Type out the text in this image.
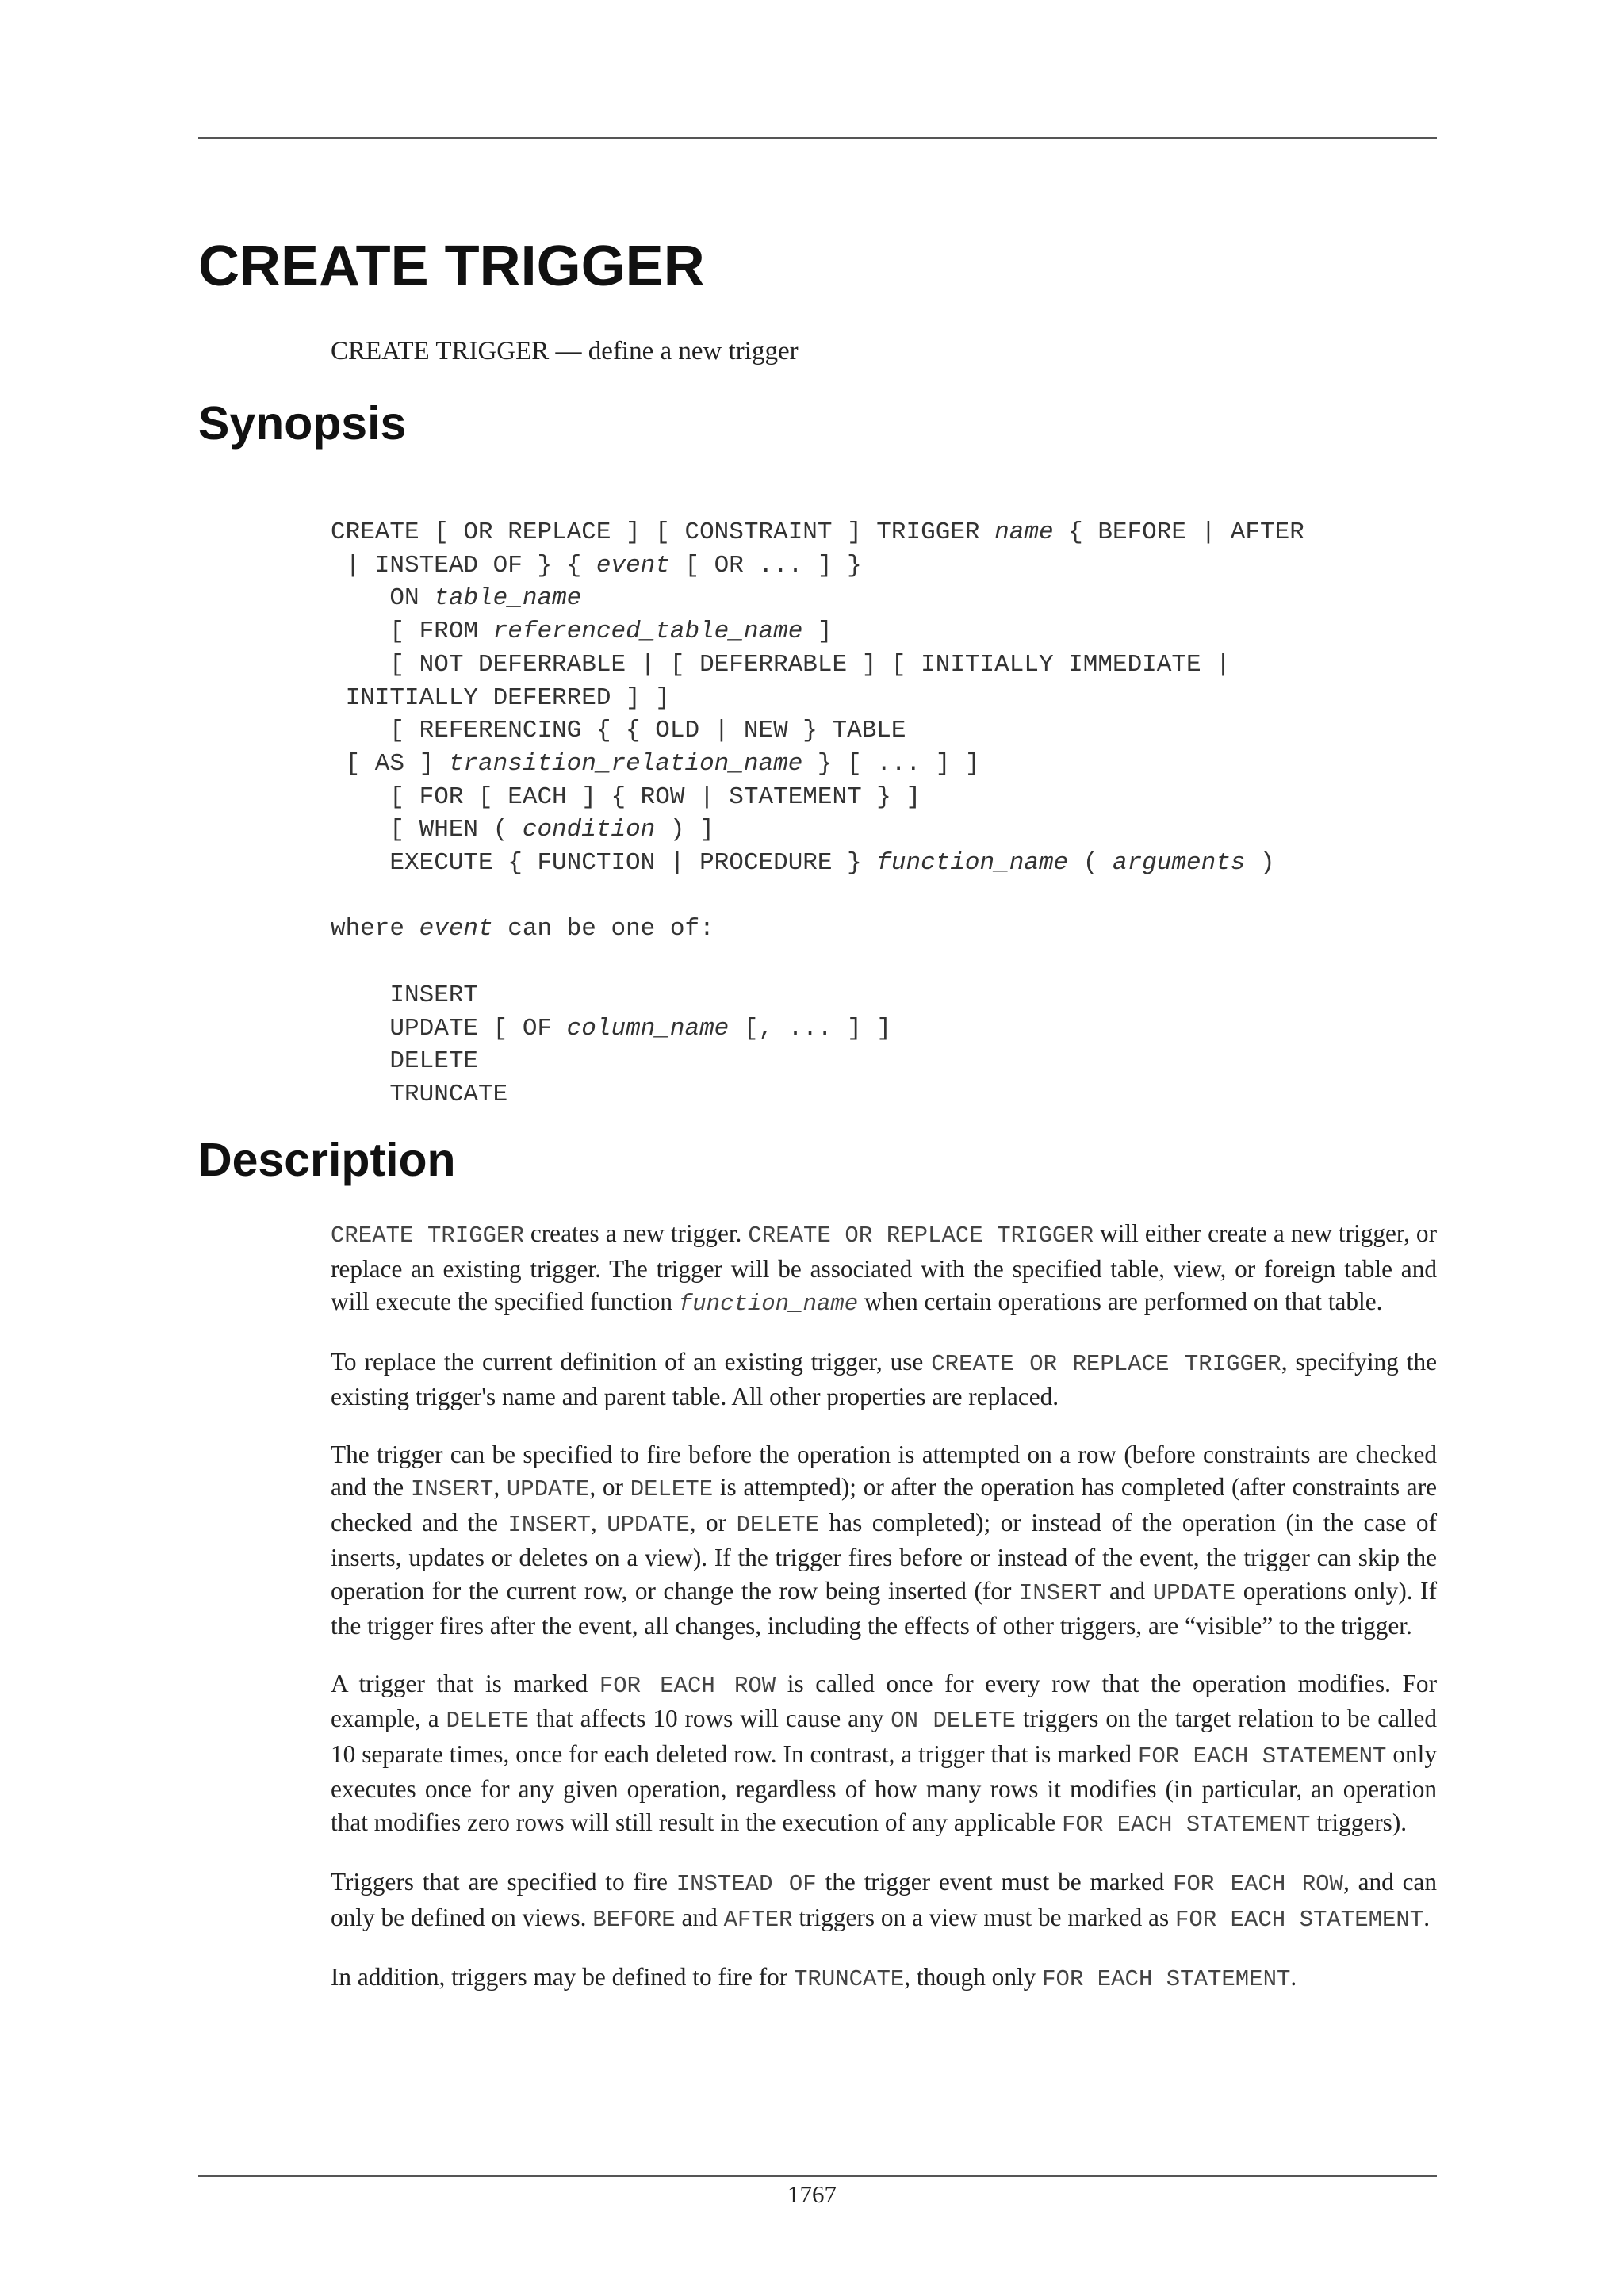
CREATE TRIGGER
CREATE TRIGGER — define a new trigger
Synopsis
CREATE [ OR REPLACE ] [ CONSTRAINT ] TRIGGER name { BEFORE | AFTER
| INSTEAD OF } { event [ OR ... ] }
ON table_name
[ FROM referenced_table_name ]
[ NOT DEFERRABLE | [ DEFERRABLE ] [ INITIALLY IMMEDIATE |
INITIALLY DEFERRED ] ]
[ REFERENCING { { OLD | NEW } TABLE
[ AS ] transition_relation_name } [ ... ] ]
[ FOR [ EACH ] { ROW | STATEMENT } ]
[ WHEN ( condition ) ]
EXECUTE { FUNCTION | PROCEDURE } function_name ( arguments )

where event can be one of:

INSERT
UPDATE [ OF column_name [, ... ] ]
DELETE
TRUNCATE
Description

CREATE TRIGGER creates a new trigger. CREATE OR REPLACE TRIGGER will either create a new trigger, or replace an existing trigger. The trigger will be associated with the specified table, view, or foreign table and will execute the specified function function_name when certain operations are performed on that table.

To replace the current definition of an existing trigger, use CREATE OR REPLACE TRIGGER, specifying the existing trigger's name and parent table. All other properties are replaced.

The trigger can be specified to fire before the operation is attempted on a row (before constraints are checked and the INSERT, UPDATE, or DELETE is attempted); or after the operation has completed (after constraints are checked and the INSERT, UPDATE, or DELETE has completed); or instead of the operation (in the case of inserts, updates or deletes on a view). If the trigger fires before or instead of the event, the trigger can skip the operation for the current row, or change the row being inserted (for INSERT and UPDATE operations only). If the trigger fires after the event, all changes, including the effects of other triggers, are “visible” to the trigger.

A trigger that is marked FOR EACH ROW is called once for every row that the operation modifies. For example, a DELETE that affects 10 rows will cause any ON DELETE triggers on the target relation to be called 10 separate times, once for each deleted row. In contrast, a trigger that is marked FOR EACH STATEMENT only executes once for any given operation, regardless of how many rows it modifies (in particular, an operation that modifies zero rows will still result in the execution of any applicable FOR EACH STATEMENT triggers).

Triggers that are specified to fire INSTEAD OF the trigger event must be marked FOR EACH ROW, and can only be defined on views. BEFORE and AFTER triggers on a view must be marked as FOR EACH STATEMENT.

In addition, triggers may be defined to fire for TRUNCATE, though only FOR EACH STATEMENT.

1767
